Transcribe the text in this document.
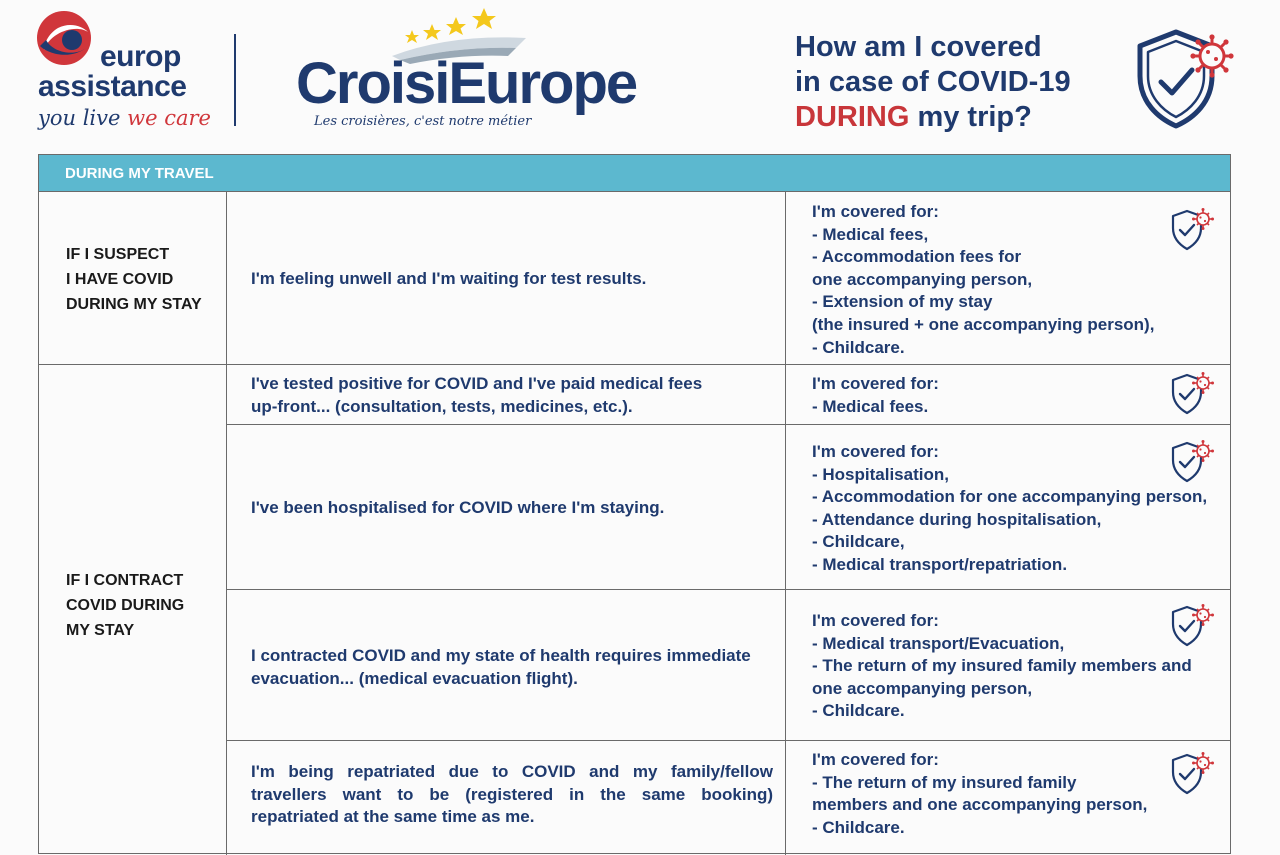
europ
assistance
you live we care
CroisiEurope
Les croisières, c'est notre métier
How am I covered
in case of COVID-19
DURING my trip?
DURING MY TRAVEL
IF I SUSPECT
I HAVE COVID
DURING MY STAY
IF I CONTRACT
COVID DURING
MY STAY
I'm feeling unwell and I'm waiting for test results.
I'm covered for:
- Medical fees,
- Accommodation fees for
one accompanying person,
- Extension of my stay
(the insured + one accompanying person),
- Childcare.
I've tested positive for COVID and I've paid medical fees
up-front... (consultation, tests, medicines, etc.).
I'm covered for:
- Medical fees.
I've been hospitalised for COVID where I'm staying.
I'm covered for:
- Hospitalisation,
- Accommodation for one accompanying person,
- Attendance during hospitalisation,
- Childcare,
- Medical transport/repatriation.
I contracted COVID and my state of health requires immediate
evacuation... (medical evacuation flight).
I'm covered for:
- Medical transport/Evacuation,
- The return of my insured family members and
one accompanying person,
- Childcare.
I'm being repatriated due to COVID and my family/fellow
travellers want to be (registered in the same booking)
repatriated at the same time as me.
I'm covered for:
- The return of my insured family
members and one accompanying person,
- Childcare.
